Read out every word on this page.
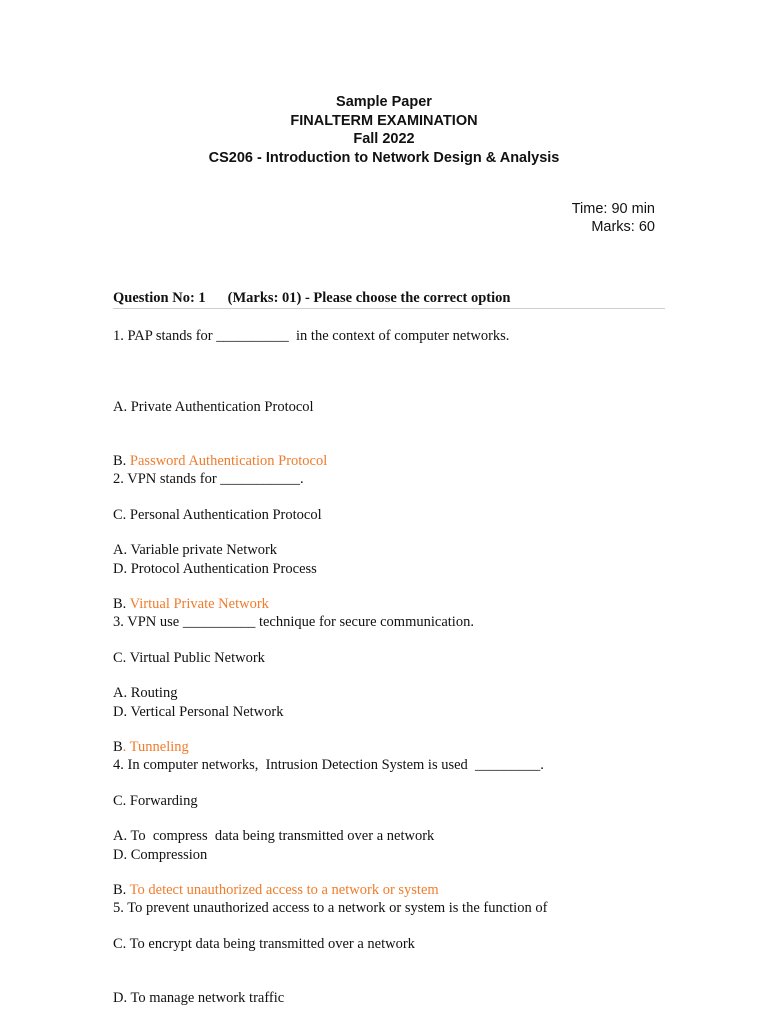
Sample Paper
FINALTERM EXAMINATION
Fall 2022
CS206 - Introduction to Network Design & Analysis
Time: 90 min
Marks: 60
Question No: 1 (Marks: 01) - Please choose the correct option
1. PAP stands for __________  in the context of computer networks.

A. Private Authentication Protocol

B. Password Authentication Protocol

C. Personal Authentication Protocol

D. Protocol Authentication Process

2. VPN stands for ___________.

A. Variable private Network

B. Virtual Private Network

C. Virtual Public Network

D. Vertical Personal Network

3. VPN use __________ technique for secure communication.

A. Routing

B. Tunneling

C. Forwarding

D. Compression

4. In computer networks,  Intrusion Detection System is used  _________.

A. To  compress  data being transmitted over a network

B. To detect unauthorized access to a network or system

C. To encrypt data being transmitted over a network

D. To manage network traffic

5. To prevent unauthorized access to a network or system is the function of
